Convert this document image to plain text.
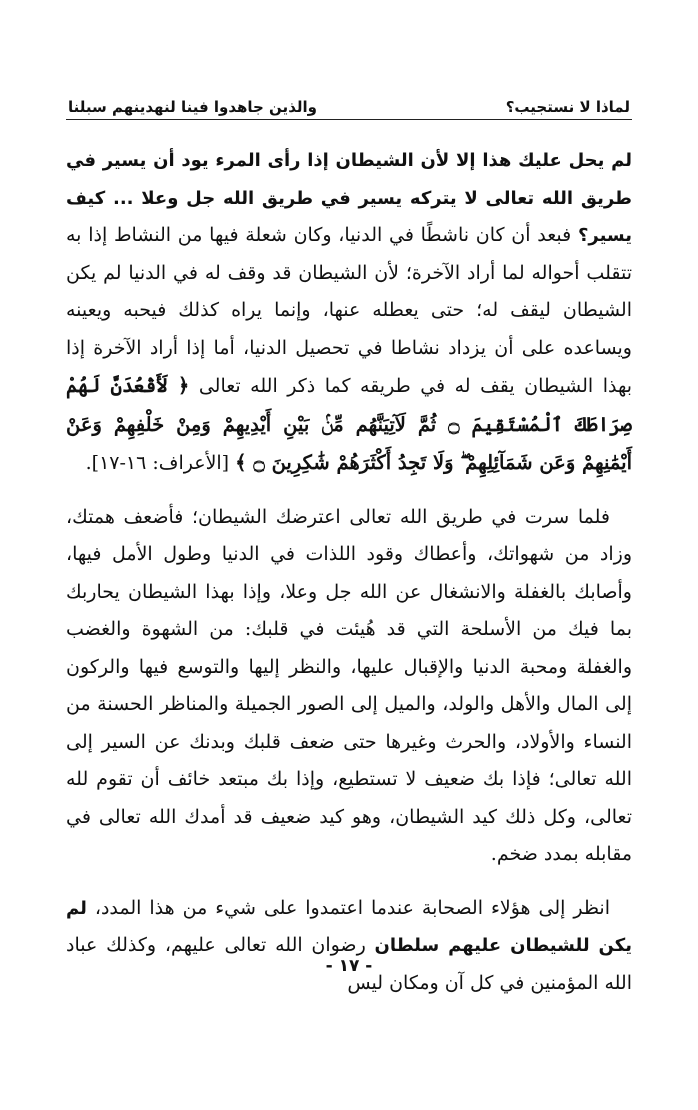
لماذا لا نستجيب؟
والذين جاهدوا فينا لنهدينهم سبلنا

لم يحل عليك هذا إلا لأن الشيطان إذا رأى المرء يود أن يسير في طريق الله تعالى لا يتركه يسير في طريق الله جل وعلا ... كيف يسير؟ فبعد أن كان ناشطًا في الدنيا، وكان شعلة فيها من النشاط إذا به تتقلب أحواله لما أراد الآخرة؛ لأن الشيطان قد وقف له في الدنيا لم يكن الشيطان ليقف له؛ حتى يعطله عنها، وإنما يراه كذلك فيحبه ويعينه ويساعده على أن يزداد نشاطا في تحصيل الدنيا، أما إذا أراد الآخرة إذا بهذا الشيطان يقف له في طريقه كما ذكر الله تعالى ﴿ لَأَقْعُدَنَّ لَهُمْ صِرَاطَكَ ٱلْمُسْتَقِيمَ ۝ ثُمَّ لَآتِيَنَّهُم مِّنۢ بَيْنِ أَيْدِيهِمْ وَمِنْ خَلْفِهِمْ وَعَنْ أَيْمَٰنِهِمْ وَعَن شَمَآئِلِهِمْ ۖ وَلَا تَجِدُ أَكْثَرَهُمْ شَٰكِرِينَ ۝ ﴾ [الأعراف: ١٦-١٧].

فلما سرت في طريق الله تعالى اعترضك الشيطان؛ فأضعف همتك، وزاد من شهواتك، وأعطاك وقود اللذات في الدنيا وطول الأمل فيها، وأصابك بالغفلة والانشغال عن الله جل وعلا، وإذا بهذا الشيطان يحاربك بما فيك من الأسلحة التي قد هُيئت في قلبك: من الشهوة والغضب والغفلة ومحبة الدنيا والإقبال عليها، والنظر إليها والتوسع فيها والركون إلى المال والأهل والولد، والميل إلى الصور الجميلة والمناظر الحسنة من النساء والأولاد، والحرث وغيرها حتى ضعف قلبك وبدنك عن السير إلى الله تعالى؛ فإذا بك ضعيف لا تستطيع، وإذا بك مبتعد خائف أن تقوم لله تعالى، وكل ذلك كيد الشيطان، وهو كيد ضعيف قد أمدك الله تعالى في مقابله بمدد ضخم.

انظر إلى هؤلاء الصحابة عندما اعتمدوا على شيء من هذا المدد، لم يكن للشيطان عليهم سلطان رضوان الله تعالى عليهم، وكذلك عباد الله المؤمنين في كل آن ومكان ليس

- ١٧ -
